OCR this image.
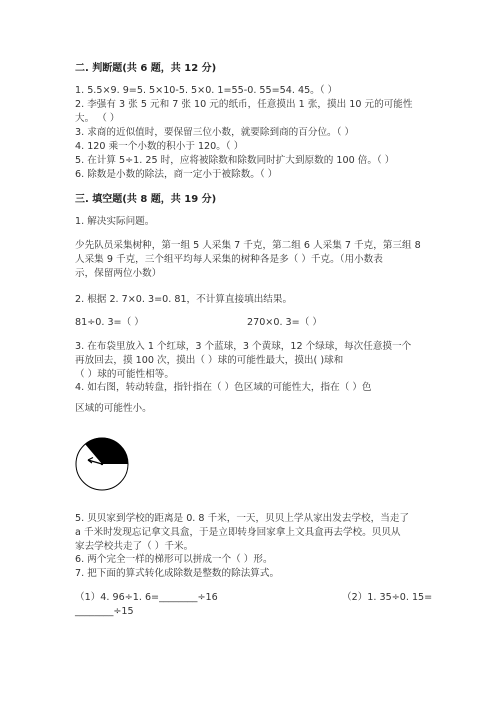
二. 判断题(共 6 题，共 12 分)
1. 5.5×9. 9=5. 5×10-5. 5×0. 1=55-0. 55=54. 45。（ ）
2. 李强有 3 张 5 元和 7 张 10 元的纸币，任意摸出 1 张，摸出 10 元的可能性
大。 （ ）
3. 求商的近似值时，要保留三位小数，就要除到商的百分位。（ ）
4. 120 乘一个小数的积小于 120。（ ）
5. 在计算 5÷1. 25 时，应将被除数和除数同时扩大到原数的 100 倍。（ ）
6. 除数是小数的除法，商一定小于被除数。（ ）
三. 填空题(共 8 题，共 19 分)
1. 解决实际问题。
少先队员采集树种，第一组 5 人采集 7 千克，第二组 6 人采集 7 千克，第三组 8
人采集 9 千克，三个组平均每人采集的树种各是多（ ）千克。（用小数表
示，保留两位小数）
2. 根据 2. 7×0. 3=0. 81，不计算直接填出结果。
81÷0. 3=（ ）	270×0. 3=（ ）
3. 在布袋里放入 1 个红球，3 个蓝球，3 个黄球，12 个绿球，每次任意摸一个
再放回去，摸 100 次，摸出（ ）球的可能性最大，摸出( )球和
（ ）球的可能性相等。
4. 如右图，转动转盘，指针指在（ ）色区域的可能性大，指在（ ）色
区域的可能性小。
5. 贝贝家到学校的距离是 0. 8 千米，一天，贝贝上学从家出发去学校，当走了
a 千米时发现忘记拿文具盒，于是立即转身回家拿上文具盒再去学校。贝贝从
家去学校共走了（ ）千米。
6. 两个完全一样的梯形可以拼成一个（ ）形。
7. 把下面的算式转化成除数是整数的除法算式。
（1）4. 96÷1. 6=________÷16	（2）1. 35÷0. 15=
________÷15
